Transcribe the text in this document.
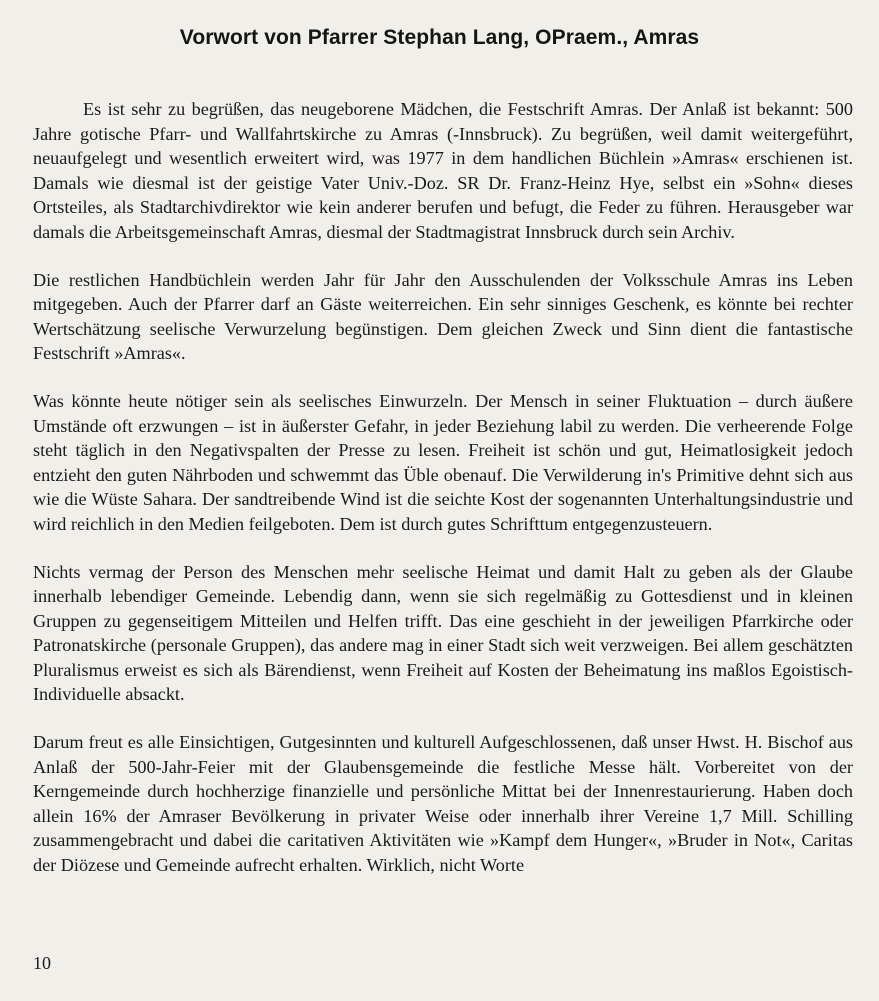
Vorwort von Pfarrer Stephan Lang, OPraem., Amras

Es ist sehr zu begrüßen, das neugeborene Mädchen, die Festschrift Amras. Der Anlaß ist bekannt: 500 Jahre gotische Pfarr- und Wallfahrtskirche zu Amras (-Innsbruck). Zu begrüßen, weil damit weitergeführt, neuaufgelegt und wesentlich erweitert wird, was 1977 in dem handlichen Büchlein »Amras« erschienen ist. Damals wie diesmal ist der geistige Vater Univ.-Doz. SR Dr. Franz-Heinz Hye, selbst ein »Sohn« dieses Ortsteiles, als Stadtarchivdirektor wie kein anderer berufen und befugt, die Feder zu führen. Herausgeber war damals die Arbeitsgemeinschaft Amras, diesmal der Stadtmagistrat Innsbruck durch sein Archiv.

Die restlichen Handbüchlein werden Jahr für Jahr den Ausschulenden der Volksschule Amras ins Leben mitgegeben. Auch der Pfarrer darf an Gäste weiterreichen. Ein sehr sinniges Geschenk, es könnte bei rechter Wertschätzung seelische Verwurzelung begünstigen. Dem gleichen Zweck und Sinn dient die fantastische Festschrift »Amras«.

Was könnte heute nötiger sein als seelisches Einwurzeln. Der Mensch in seiner Fluktuation – durch äußere Umstände oft erzwungen – ist in äußerster Gefahr, in jeder Beziehung labil zu werden. Die verheerende Folge steht täglich in den Negativspalten der Presse zu lesen. Freiheit ist schön und gut, Heimatlosigkeit jedoch entzieht den guten Nährboden und schwemmt das Üble obenauf. Die Verwilderung in's Primitive dehnt sich aus wie die Wüste Sahara. Der sandtreibende Wind ist die seichte Kost der sogenannten Unterhaltungsindustrie und wird reichlich in den Medien feilgeboten. Dem ist durch gutes Schrifttum entgegenzusteuern.

Nichts vermag der Person des Menschen mehr seelische Heimat und damit Halt zu geben als der Glaube innerhalb lebendiger Gemeinde. Lebendig dann, wenn sie sich regelmäßig zu Gottesdienst und in kleinen Gruppen zu gegenseitigem Mitteilen und Helfen trifft. Das eine geschieht in der jeweiligen Pfarrkirche oder Patronatskirche (personale Gruppen), das andere mag in einer Stadt sich weit verzweigen. Bei allem geschätzten Pluralismus erweist es sich als Bärendienst, wenn Freiheit auf Kosten der Beheimatung ins maßlos Egoistisch-Individuelle absackt.

Darum freut es alle Einsichtigen, Gutgesinnten und kulturell Aufgeschlossenen, daß unser Hwst. H. Bischof aus Anlaß der 500-Jahr-Feier mit der Glaubensgemeinde die festliche Messe hält. Vorbereitet von der Kerngemeinde durch hochherzige finanzielle und persönliche Mittat bei der Innenrestaurierung. Haben doch allein 16% der Amraser Bevölkerung in privater Weise oder innerhalb ihrer Vereine 1,7 Mill. Schilling zusammengebracht und dabei die caritativen Aktivitäten wie »Kampf dem Hunger«, »Bruder in Not«, Caritas der Diözese und Gemeinde aufrecht erhalten. Wirklich, nicht Worte

10
